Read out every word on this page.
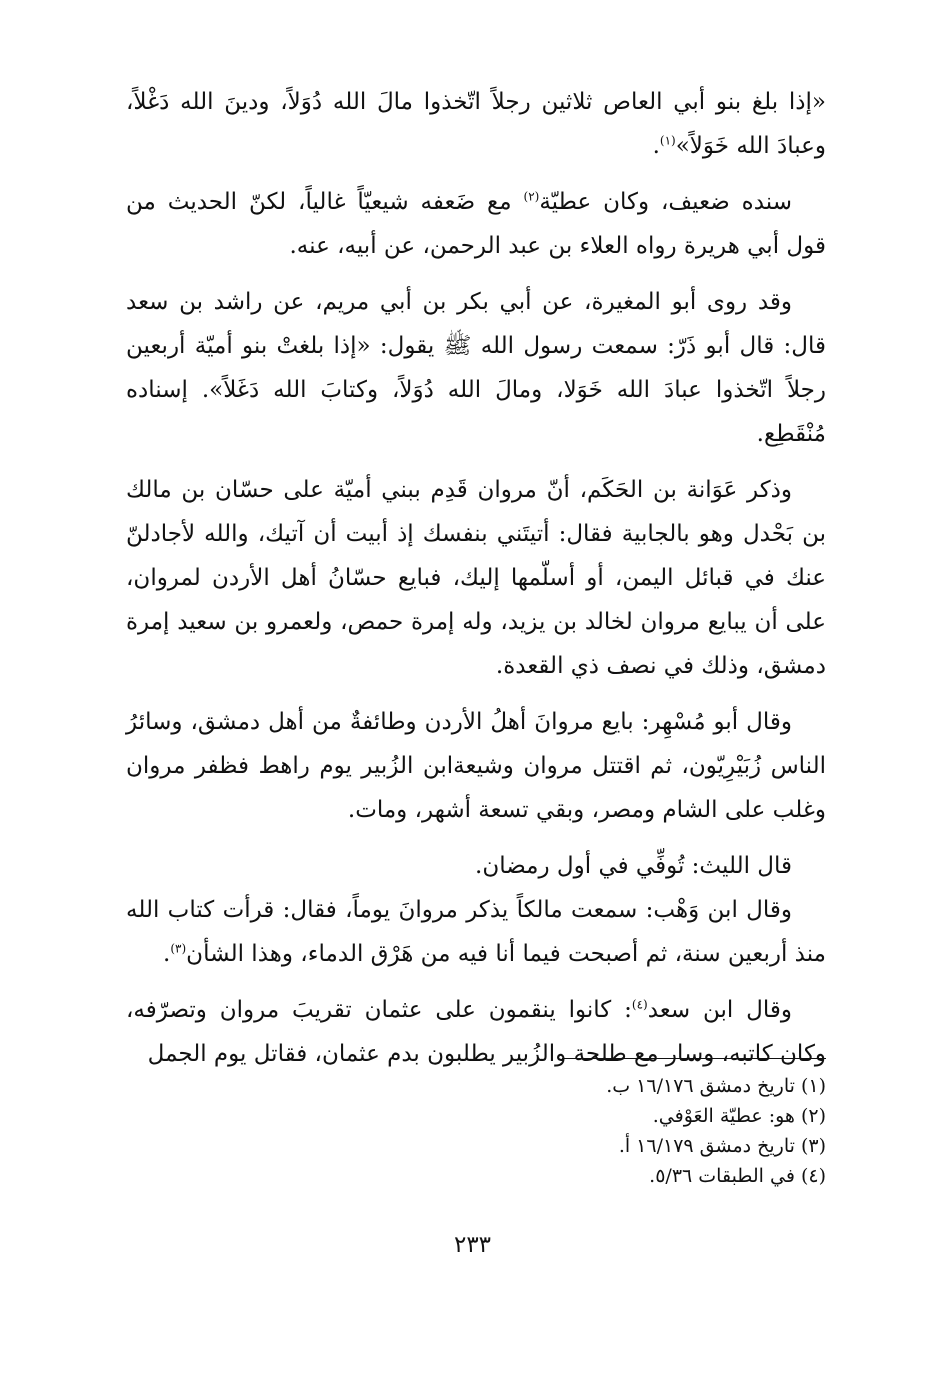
«إذا بلغ بنو أبي العاص ثلاثين رجلاً اتّخذوا مالَ الله دُوَلاً، ودينَ الله دَغْلاً، وعبادَ الله خَوَلاً»$^{(١)}$.

سنده ضعيف، وكان عطيّة$^{(٢)}$ مع ضَعفه شيعيّاً غالياً، لكنّ الحديث من قول أبي هريرة رواه العلاء بن عبد الرحمن، عن أبيه، عنه.

وقد روى أبو المغيرة، عن أبي بكر بن أبي مريم، عن راشد بن سعد قال: قال أبو ذَرّ: سمعت رسول الله ﷺ يقول: «إذا بلغتْ بنو أميّة أربعين رجلاً اتّخذوا عبادَ الله خَوَلا، ومالَ الله دُوَلاً، وكتابَ الله دَغَلاً». إسناده مُنْقَطِع.

وذكر عَوَانة بن الحَكَم، أنّ مروان قَدِم ببني أميّة على حسّان بن مالك بن بَحْدل وهو بالجابية فقال: أتيتَني بنفسك إذ أبيت أن آتيك، والله لأجادلنّ عنك في قبائل اليمن، أو أسلّمها إليك، فبايع حسّانُ أهل الأردن لمروان، على أن يبايع مروان لخالد بن يزيد، وله إمرة حمص، ولعمرو بن سعيد إمرة دمشق، وذلك في نصف ذي القعدة.

وقال أبو مُسْهِر: بايع مروانَ أهلُ الأردن وطائفةٌ من أهل دمشق، وسائرُ الناس زُبَيْرِيّون، ثم اقتتل مروان وشيعةابن الزُبير يوم راهط فظفر مروان وغلب على الشام ومصر، وبقي تسعة أشهر، ومات.

قال الليث: تُوفِّي في أول رمضان.

وقال ابن وَهْب: سمعت مالكاً يذكر مروانَ يوماً، فقال: قرأت كتاب الله منذ أربعين سنة، ثم أصبحت فيما أنا فيه من هَرْق الدماء، وهذا الشأن$^{(٣)}$.

وقال ابن سعد$^{(٤)}$: كانوا ينقمون على عثمان تقريبَ مروان وتصرّفه، وكان كاتبه، وسار مع طلحة والزُبير يطلبون بدم عثمان، فقاتل يوم الجمل

(١)تاريخ دمشق ١٦/١٧٦ ب.

(٢)هو: عطيّة العَوْفي.

(٣)تاريخ دمشق ١٦/١٧٩ أ.

(٤)في الطبقات ٥/٣٦.

٢٣٣
